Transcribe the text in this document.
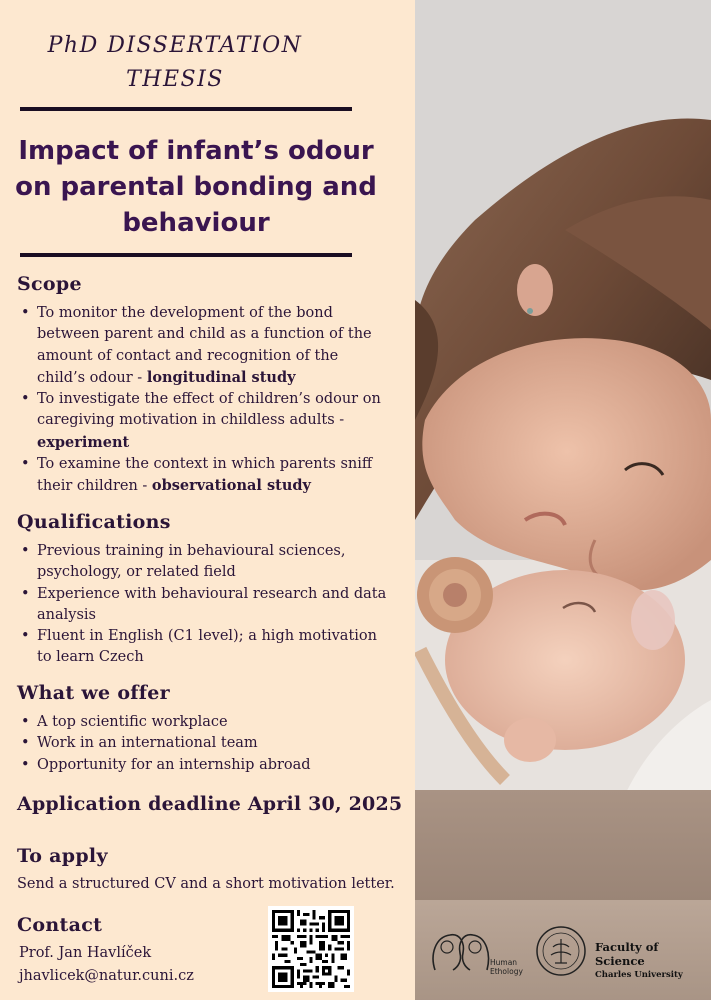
PhD DISSERTATION
THESIS
Impact of infant’s odour
on parental bonding and
behaviour
Scope
• To monitor the development of the bond between parent and child as a function of the amount of contact and recognition of the child’s odour - longitudinal study
• To investigate the effect of children’s odour on caregiving motivation in childless adults - experiment
• To examine the context in which parents sniff their children - observational study
Qualifications
• Previous training in behavioural sciences, psychology, or related field
• Experience with behavioural research and data analysis
• Fluent in English (C1 level); a high motivation to learn Czech
What we offer
• A top scientific workplace
• Work in an international team
• Opportunity for an internship abroad
Application deadline April 30, 2025
To apply
Send a structured CV and a short motivation letter.
Contact
Prof. Jan Havlíček
jhavlicek@natur.cuni.cz
Human Ethology
Faculty of Science
Charles University
